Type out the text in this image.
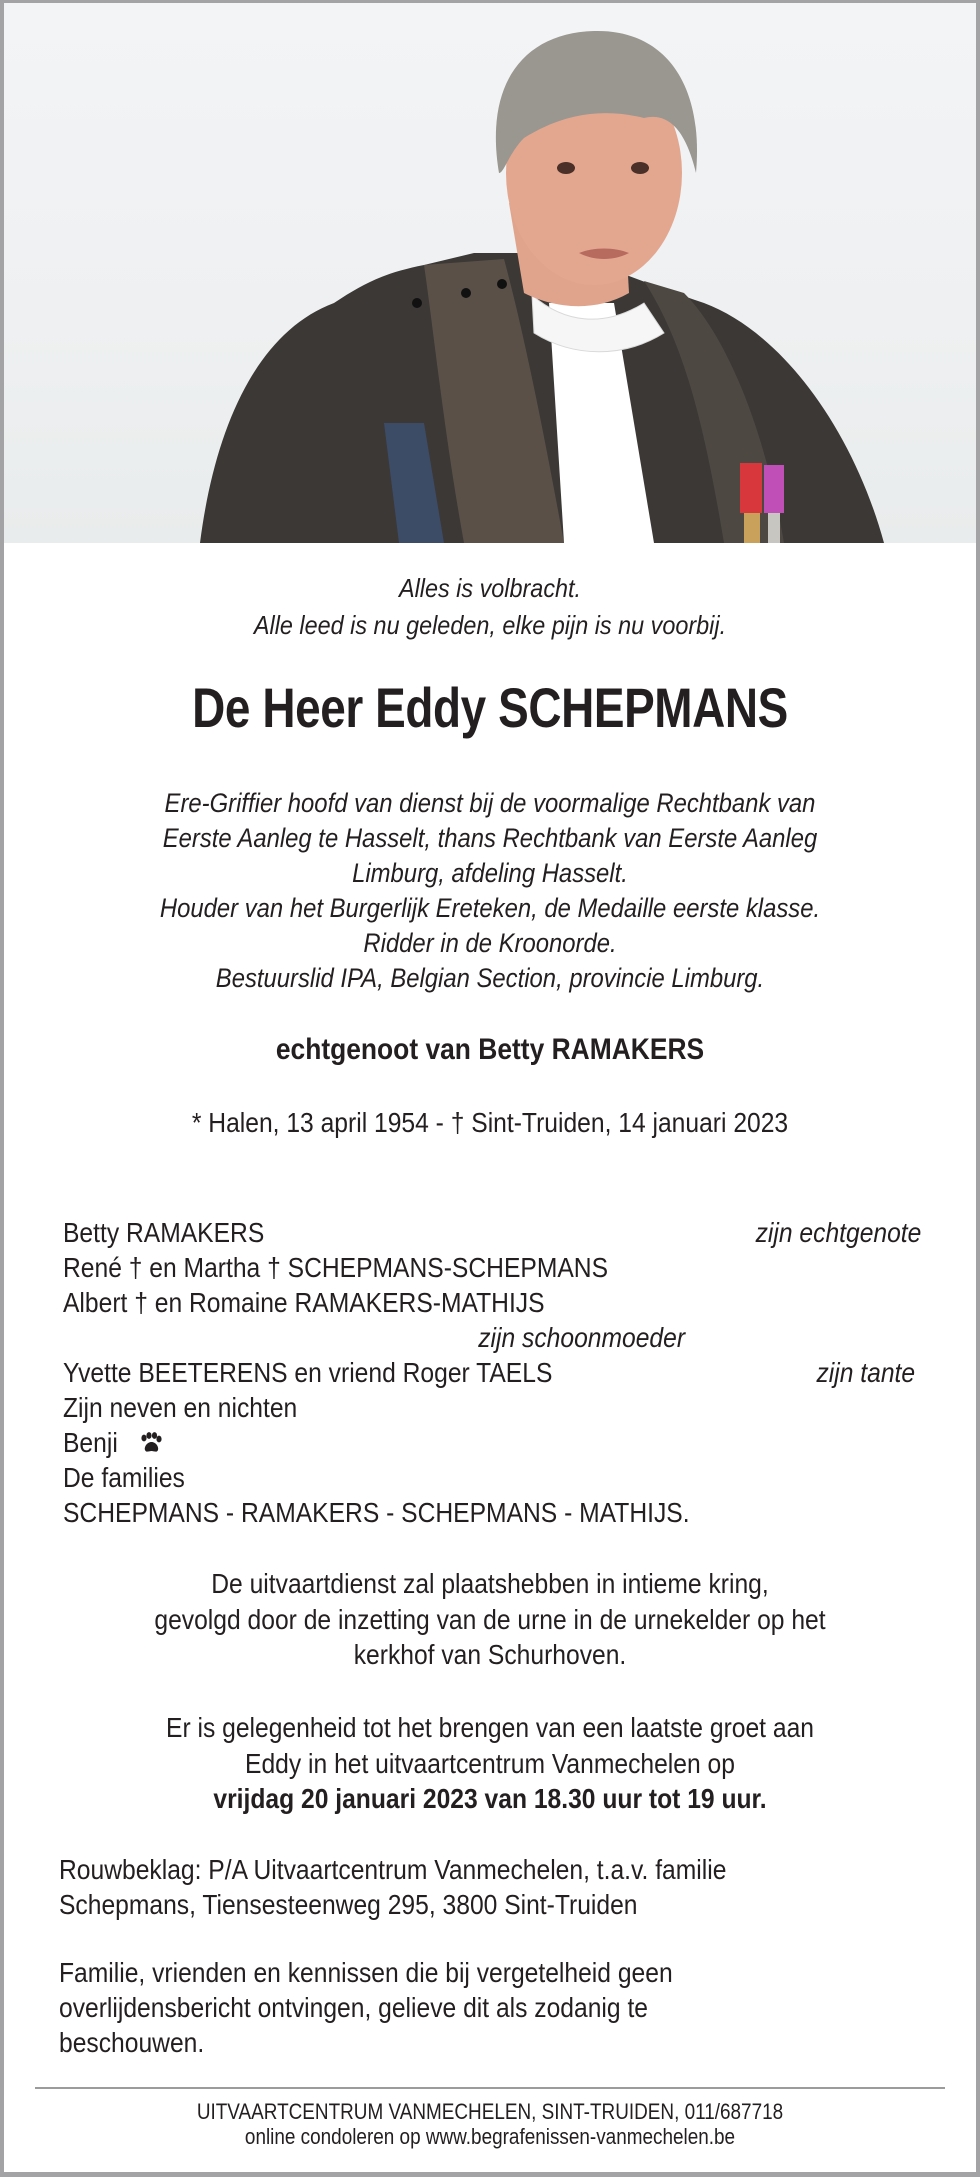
Alles is volbracht.
Alle leed is nu geleden, elke pijn is nu voorbij.
De Heer Eddy SCHEPMANS
Ere-Griffier hoofd van dienst bij de voormalige Rechtbank van
Eerste Aanleg te Hasselt, thans Rechtbank van Eerste Aanleg
Limburg, afdeling Hasselt.
Houder van het Burgerlijk Ereteken, de Medaille eerste klasse.
Ridder in de Kroonorde.
Bestuurslid IPA, Belgian Section, provincie Limburg.
echtgenoot van Betty RAMAKERS
* Halen, 13 april 1954 - † Sint-Truiden, 14 januari 2023
Betty RAMAKERS	zijn echtgenote
René † en Martha † SCHEPMANS-SCHEPMANS
Albert † en Romaine RAMAKERS-MATHIJS
zijn schoonmoeder
Yvette BEETERENS en vriend Roger TAELS	zijn tante
Zijn neven en nichten
Benji
De families
SCHEPMANS - RAMAKERS - SCHEPMANS - MATHIJS.
De uitvaartdienst zal plaatshebben in intieme kring,
gevolgd door de inzetting van de urne in de urnekelder op het
kerkhof van Schurhoven.
Er is gelegenheid tot het brengen van een laatste groet aan
Eddy in het uitvaartcentrum Vanmechelen op
vrijdag 20 januari 2023 van 18.30 uur tot 19 uur.
Rouwbeklag: P/A Uitvaartcentrum Vanmechelen, t.a.v. familie
Schepmans, Tiensesteenweg 295, 3800 Sint-Truiden
Familie, vrienden en kennissen die bij vergetelheid geen
overlijdensbericht ontvingen, gelieve dit als zodanig te
beschouwen.
UITVAARTCENTRUM VANMECHELEN, SINT-TRUIDEN, 011/687718
online condoleren op www.begrafenissen-vanmechelen.be
